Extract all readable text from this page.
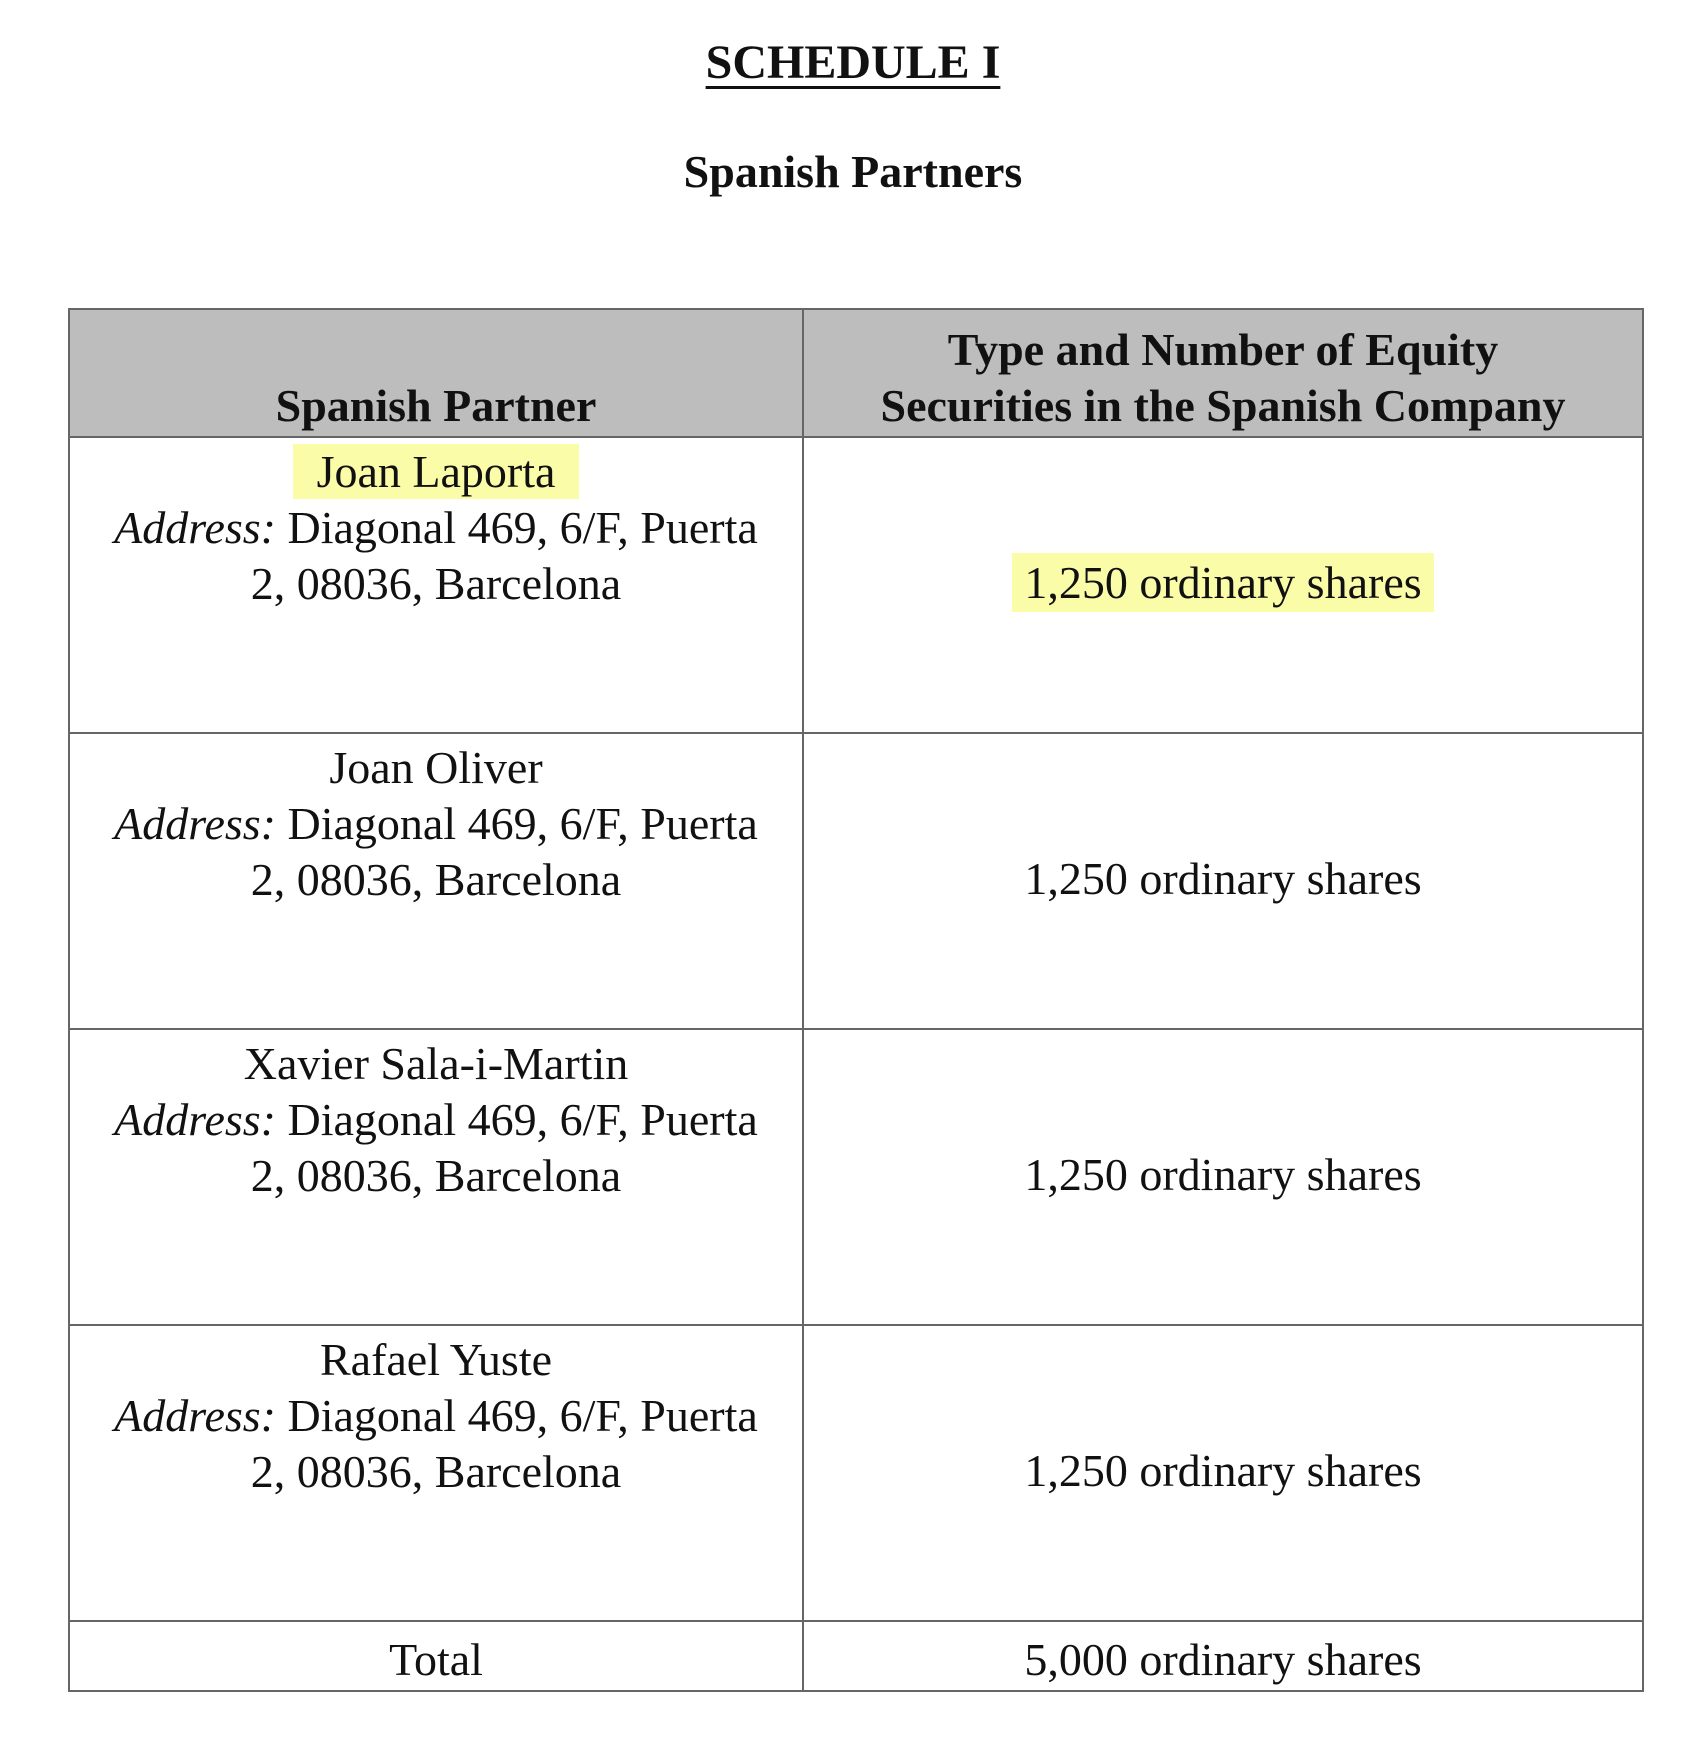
SCHEDULE I
Spanish Partners
Spanish Partner	Type and Number of Equity
Securities in the Spanish Company
Joan Laporta
Address: Diagonal 469, 6/F, Puerta
2, 08036, Barcelona	1,250 ordinary shares
Joan Oliver
Address: Diagonal 469, 6/F, Puerta
2, 08036, Barcelona	1,250 ordinary shares
Xavier Sala-i-Martin
Address: Diagonal 469, 6/F, Puerta
2, 08036, Barcelona	1,250 ordinary shares
Rafael Yuste
Address: Diagonal 469, 6/F, Puerta
2, 08036, Barcelona	1,250 ordinary shares
Total	5,000 ordinary shares
